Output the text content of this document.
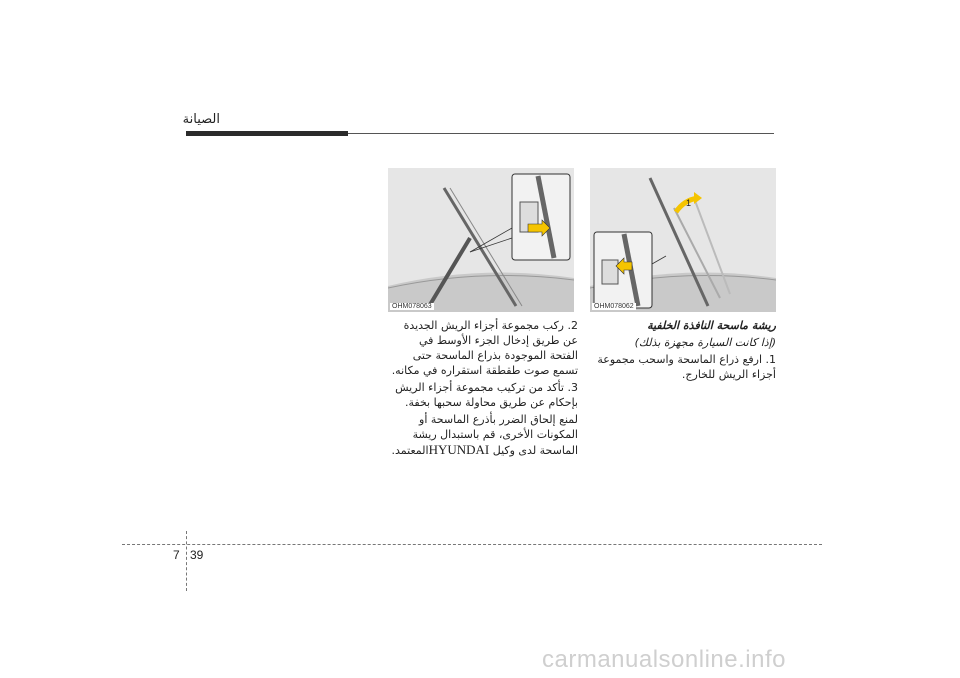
الصيانة
OHM078063
1
OHM078062

ريشة ماسحة النافذة الخلفية

(إذا كانت السيارة مجهزة بذلك)

1. ارفع ذراع الماسحة واسحب مجموعة أجزاء الريش للخارج.

2. ركب مجموعة أجزاء الريش الجديدة عن طريق إدخال الجزء الأوسط في الفتحة الموجودة بذراع الماسحة حتى تسمع صوت طقطقة استقراره في مكانه.

3. تأكد من تركيب مجموعة أجزاء الريش بإحكام عن طريق محاولة سحبها بخفة.

لمنع إلحاق الضرر بأذرع الماسحة أو المكونات الأخرى، قم باستبدال ريشة الماسحة لدى وكيل HYUNDAIالمعتمد.

39
7
carmanualsonline.info
